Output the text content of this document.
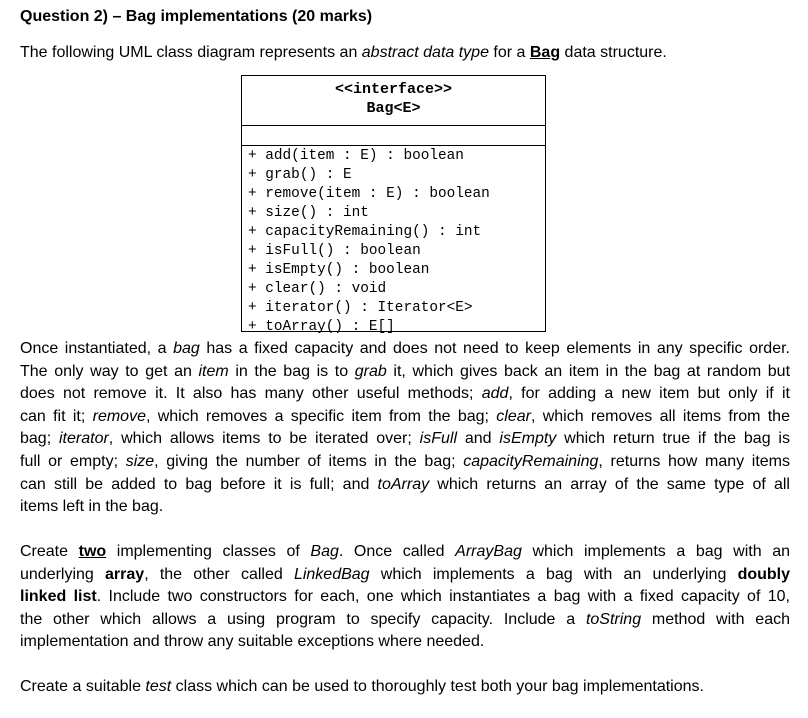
Question 2) – Bag implementations (20 marks)
The following UML class diagram represents an abstract data type for a Bag data structure.
<<interface>>
Bag<E>
+ add(item : E) : boolean
+ grab() : E
+ remove(item : E) : boolean
+ size() : int
+ capacityRemaining() : int
+ isFull() : boolean
+ isEmpty() : boolean
+ clear() : void
+ iterator() : Iterator<E>
+ toArray() : E[]
Once instantiated, a bag has a fixed capacity and does not need to keep elements in any specific order.
The only way to get an item in the bag is to grab it, which gives back an item in the bag at random but
does not remove it. It also has many other useful methods; add, for adding a new item but only if it
can fit it; remove, which removes a specific item from the bag; clear, which removes all items from the
bag; iterator, which allows items to be iterated over; isFull and isEmpty which return true if the bag is
full or empty; size, giving the number of items in the bag; capacityRemaining, returns how many items
can still be added to bag before it is full; and toArray which returns an array of the same type of all
items left in the bag.
Create two implementing classes of Bag. Once called ArrayBag which implements a bag with an
underlying array, the other called LinkedBag which implements a bag with an underlying doubly
linked list. Include two constructors for each, one which instantiates a bag with a fixed capacity of 10,
the other which allows a using program to specify capacity. Include a toString method with each
implementation and throw any suitable exceptions where needed.
Create a suitable test class which can be used to thoroughly test both your bag implementations.
